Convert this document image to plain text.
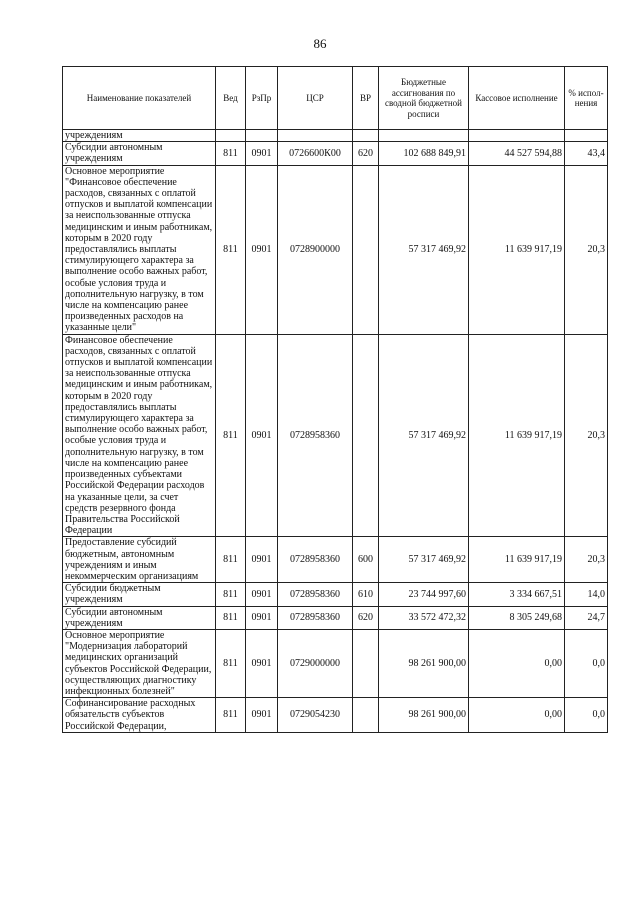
86
Наименование показателей	Вед	РзПр	ЦСР	ВР	Бюджетные ассигнования по сводной бюджетной росписи	Кассовое исполнение	% испол-нения
учреждениям							
Субсидии автономным учреждениям	811	0901	0726600К00	620	102 688 849,91	44 527 594,88	43,4
Основное мероприятие "Финансовое обеспечение расходов, связанных с оплатой отпусков и выплатой компенсации за неиспользованные отпуска медицинским и иным работникам, которым в 2020 году предоставлялись выплаты стимулирующего характера за выполнение особо важных работ, особые условия труда и дополнительную нагрузку, в том числе на компенсацию ранее произведенных расходов на указанные цели"	811	0901	0728900000		57 317 469,92	11 639 917,19	20,3
Финансовое обеспечение расходов, связанных с оплатой отпусков и выплатой компенсации за неиспользованные отпуска медицинским и иным работникам, которым в 2020 году предоставлялись выплаты стимулирующего характера за выполнение особо важных работ, особые условия труда и дополнительную нагрузку, в том числе на компенсацию ранее произведенных субъектами Российской Федерации расходов на указанные цели, за счет средств резервного фонда Правительства Российской Федерации	811	0901	0728958360		57 317 469,92	11 639 917,19	20,3
Предоставление субсидий бюджетным, автономным учреждениям и иным некоммерческим организациям	811	0901	0728958360	600	57 317 469,92	11 639 917,19	20,3
Субсидии бюджетным учреждениям	811	0901	0728958360	610	23 744 997,60	3 334 667,51	14,0
Субсидии автономным учреждениям	811	0901	0728958360	620	33 572 472,32	8 305 249,68	24,7
Основное мероприятие "Модернизация лабораторий медицинских организаций субъектов Российской Федерации, осуществляющих диагностику инфекционных болезней"	811	0901	0729000000		98 261 900,00	0,00	0,0
Софинансирование расходных обязательств субъектов Российской Федерации,	811	0901	0729054230		98 261 900,00	0,00	0,0
